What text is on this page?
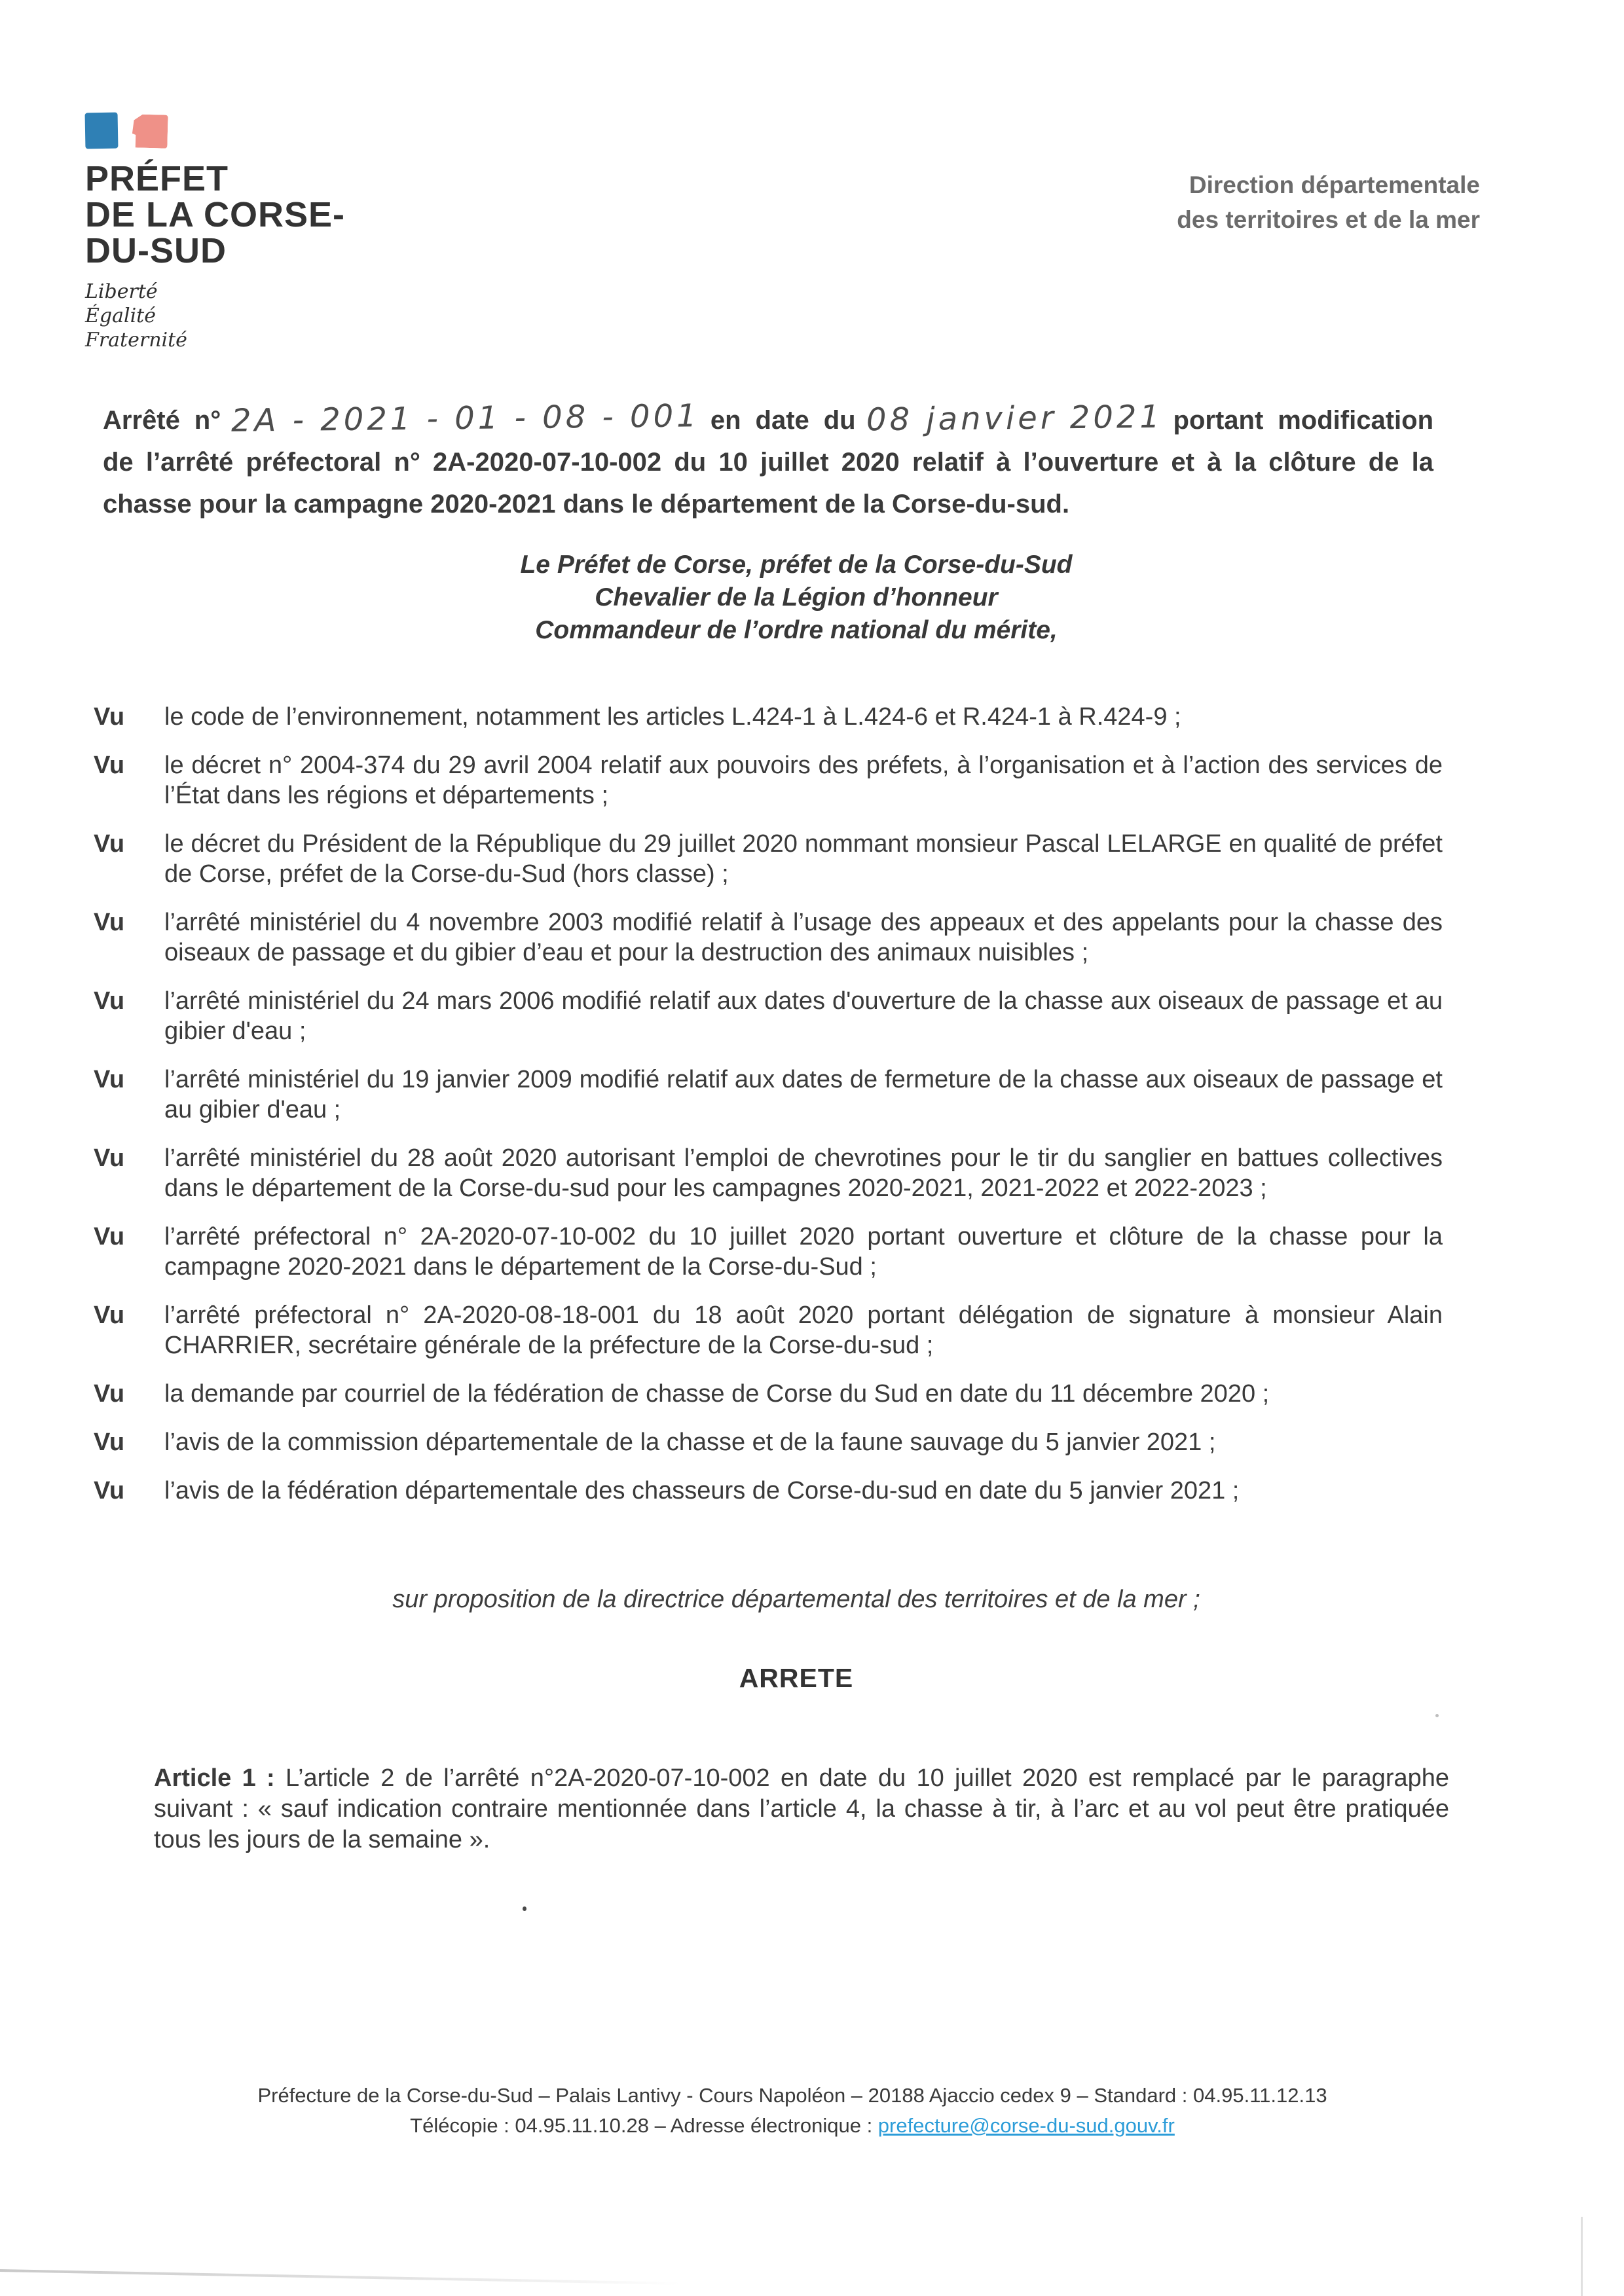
PRÉFET
DE LA CORSE-
DU-SUD
Liberté
Égalité
Fraternité
Direction départementale
des territoires et de la mer

Arrêté n° 2A - 2021 - 01 - 08 - 001 en date du 08 janvier 2021 portant modification de l’arrêté préfectoral n° 2A-2020-07-10-002 du 10 juillet 2020 relatif à l’ouverture et à la clôture de la chasse pour la campagne 2020-2021 dans le département de la Corse-du-sud.

Le Préfet de Corse, préfet de la Corse-du-Sud
Chevalier de la Légion d’honneur
Commandeur de l’ordre national du mérite,
Vu	le code de l’environnement, notamment les articles L.424-1 à L.424-6 et R.424-1 à R.424-9 ;
Vu	le décret n° 2004-374 du 29 avril 2004 relatif aux pouvoirs des préfets, à l’organisation et à l’action des services de l’État dans les régions et départements ;
Vu	le décret du Président de la République du 29 juillet 2020 nommant monsieur Pascal LELARGE en qualité de préfet de Corse, préfet de la Corse-du-Sud (hors classe) ;
Vu	l’arrêté ministériel du 4 novembre 2003 modifié relatif à l’usage des appeaux et des appelants pour la chasse des oiseaux de passage et du gibier d’eau et pour la destruction des animaux nuisibles ;
Vu	l’arrêté ministériel du 24 mars 2006 modifié relatif aux dates d'ouverture de la chasse aux oiseaux de passage et au gibier d'eau ;
Vu	l’arrêté ministériel du 19 janvier 2009 modifié relatif aux dates de fermeture de la chasse aux oiseaux de passage et au gibier d'eau ;
Vu	l’arrêté ministériel du 28 août 2020 autorisant l’emploi de chevrotines pour le tir du sanglier en battues collectives dans le département de la Corse-du-sud pour les campagnes 2020-2021, 2021-2022 et 2022-2023 ;
Vu	l’arrêté préfectoral n° 2A-2020-07-10-002 du 10 juillet 2020 portant ouverture et clôture de la chasse pour la campagne 2020-2021 dans le département de la Corse-du-Sud ;
Vu	l’arrêté préfectoral n° 2A-2020-08-18-001 du 18 août 2020 portant délégation de signature à monsieur Alain CHARRIER, secrétaire générale de la préfecture de la Corse-du-sud ;
Vu	la demande par courriel de la fédération de chasse de Corse du Sud en date du 11 décembre 2020 ;
Vu	l’avis de la commission départementale de la chasse et de la faune sauvage du 5 janvier 2021 ;
Vu	l’avis de la fédération départementale des chasseurs de Corse-du-sud en date du 5 janvier 2021 ;
sur proposition de la directrice départemental des territoires et de la mer ;
ARRETE

Article 1 : L’article 2 de l’arrêté n°2A-2020-07-10-002 en date du 10 juillet 2020 est remplacé par le paragraphe suivant : « sauf indication contraire mentionnée dans l’article 4, la chasse à tir, à l’arc et au vol peut être pratiquée tous les jours de la semaine ».

Préfecture de la Corse-du-Sud – Palais Lantivy - Cours Napoléon – 20188 Ajaccio cedex 9 – Standard : 04.95.11.12.13
Télécopie : 04.95.11.10.28 – Adresse électronique : prefecture@corse-du-sud.gouv.fr
